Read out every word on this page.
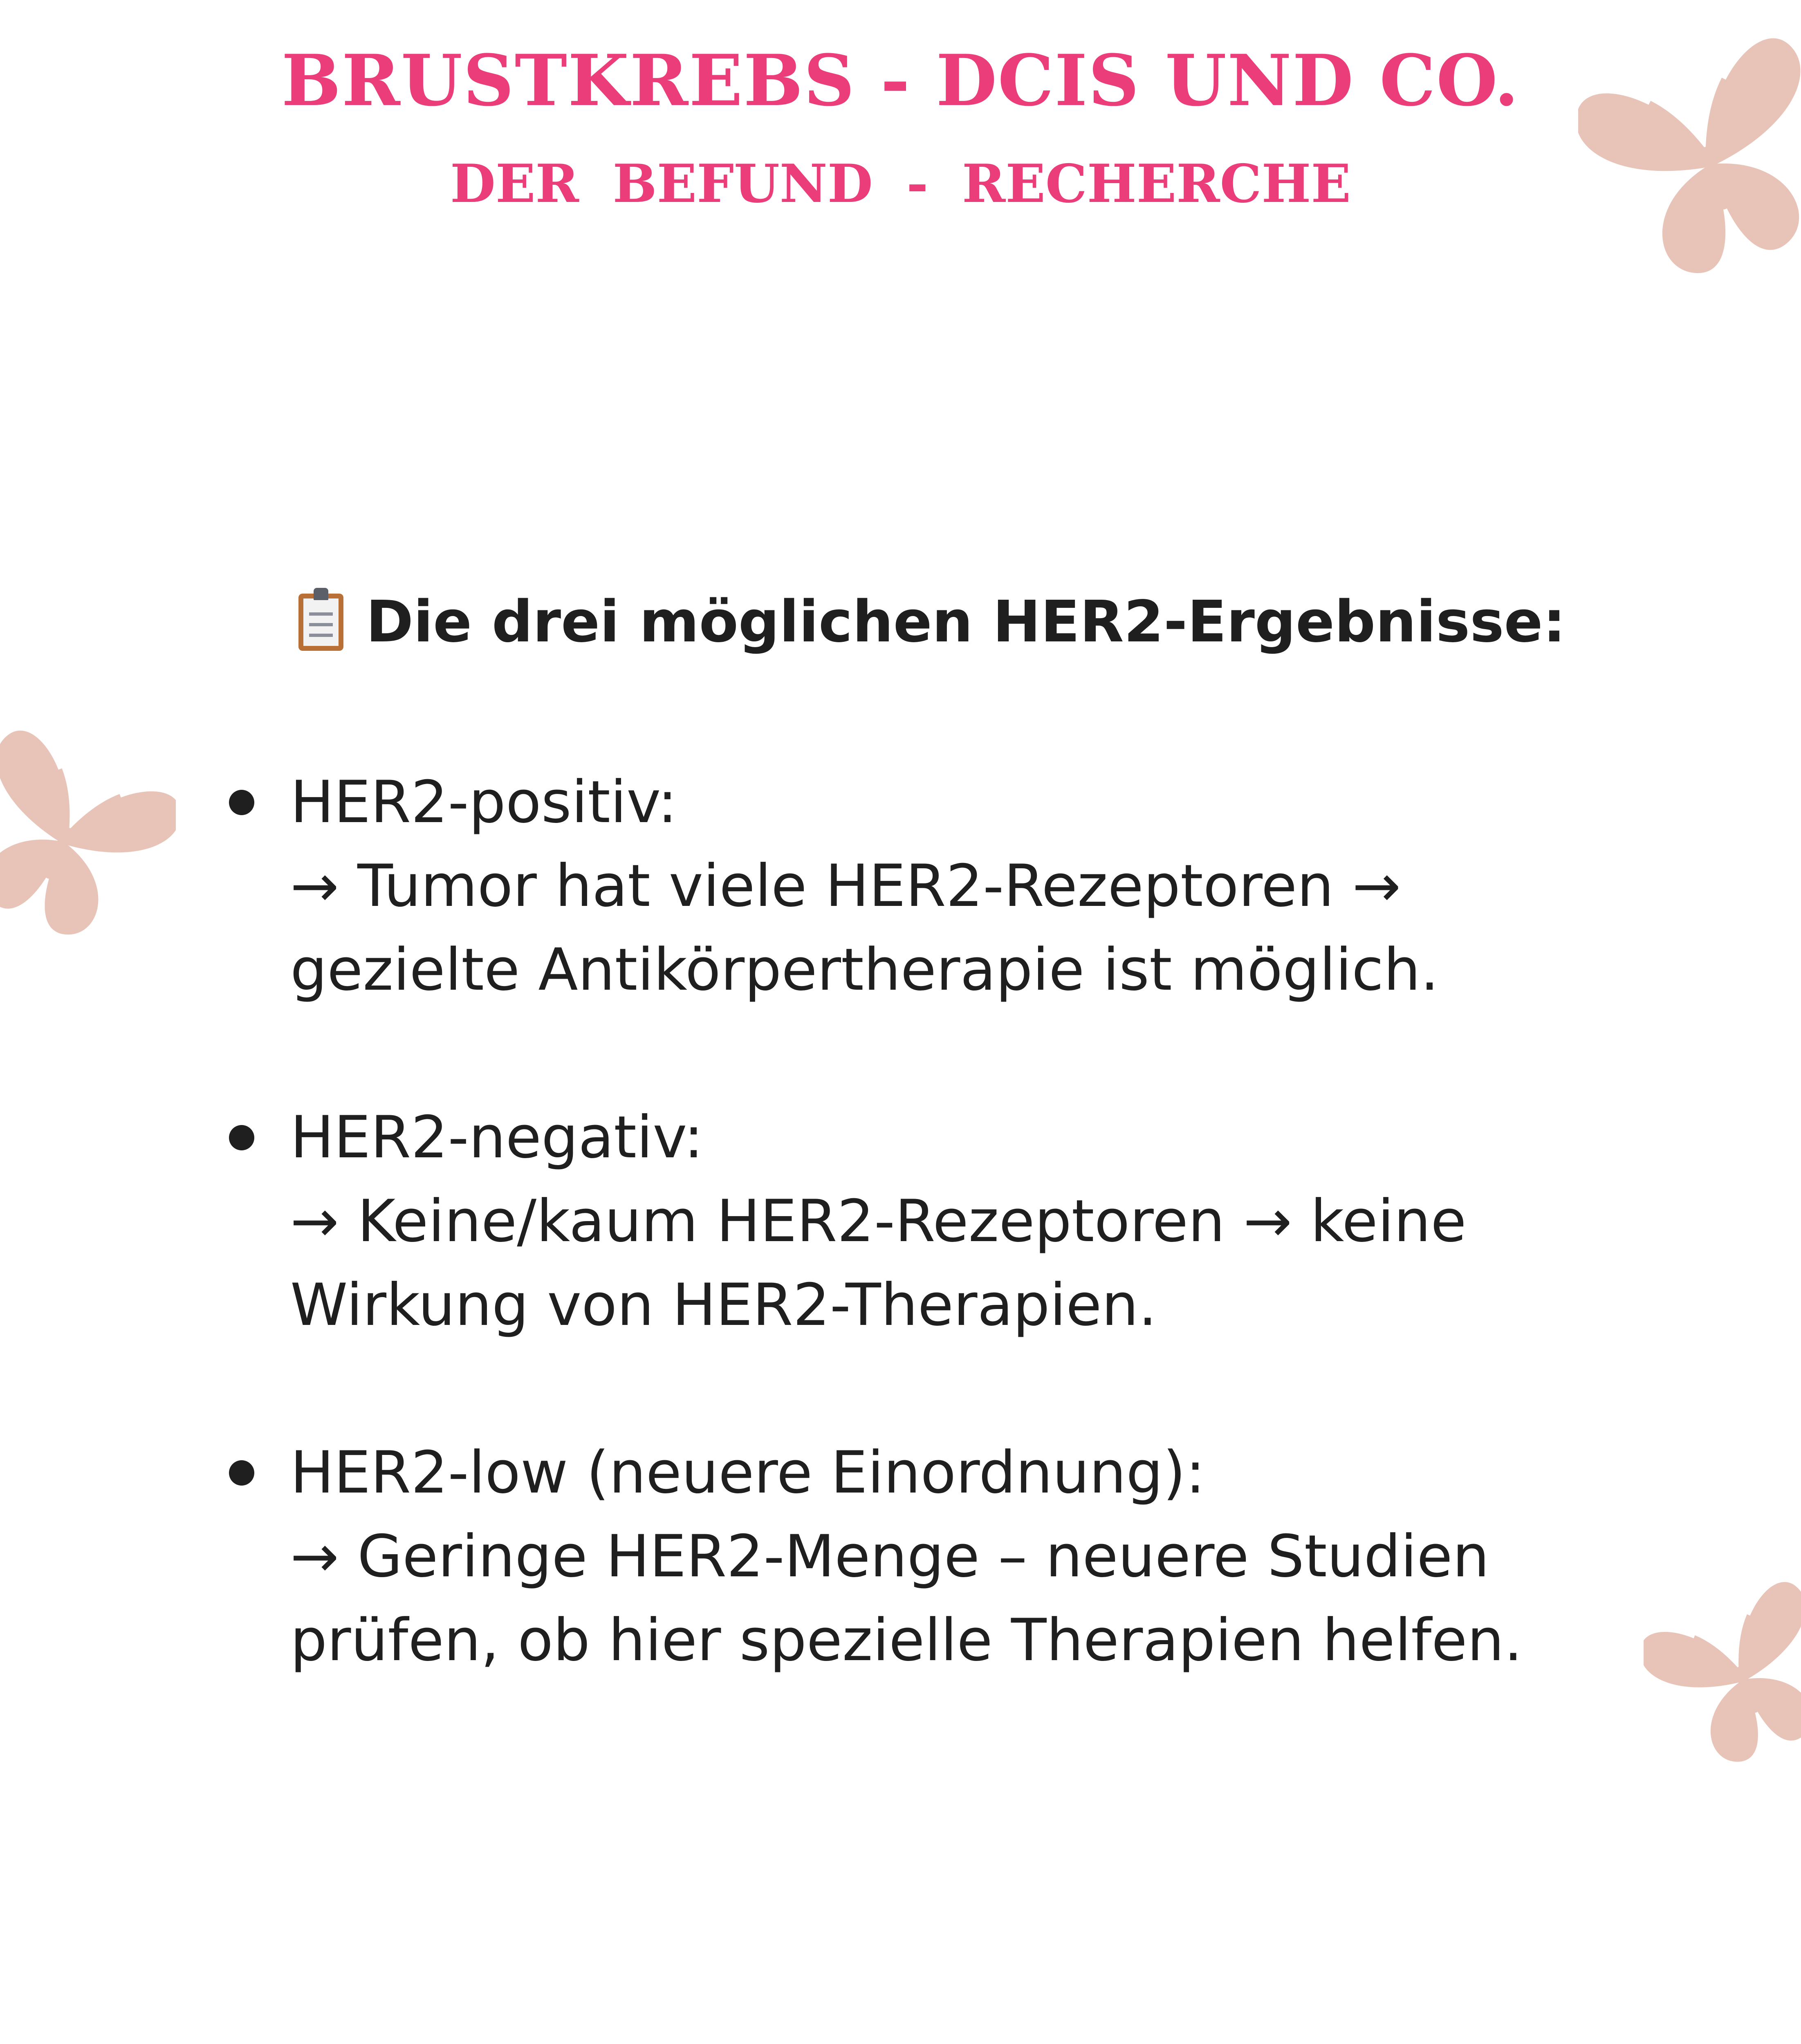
BRUSTKREBS - DCIS UND CO.
DER BEFUND - RECHERCHE
Die drei möglichen HER2-Ergebnisse:
HER2-positiv:
→ Tumor hat viele HER2-Rezeptoren →
gezielte Antikörpertherapie ist möglich.
HER2-negativ:
→ Keine/kaum HER2-Rezeptoren → keine
Wirkung von HER2-Therapien.
HER2-low (neuere Einordnung):
→ Geringe HER2-Menge – neuere Studien
prüfen, ob hier spezielle Therapien helfen.
